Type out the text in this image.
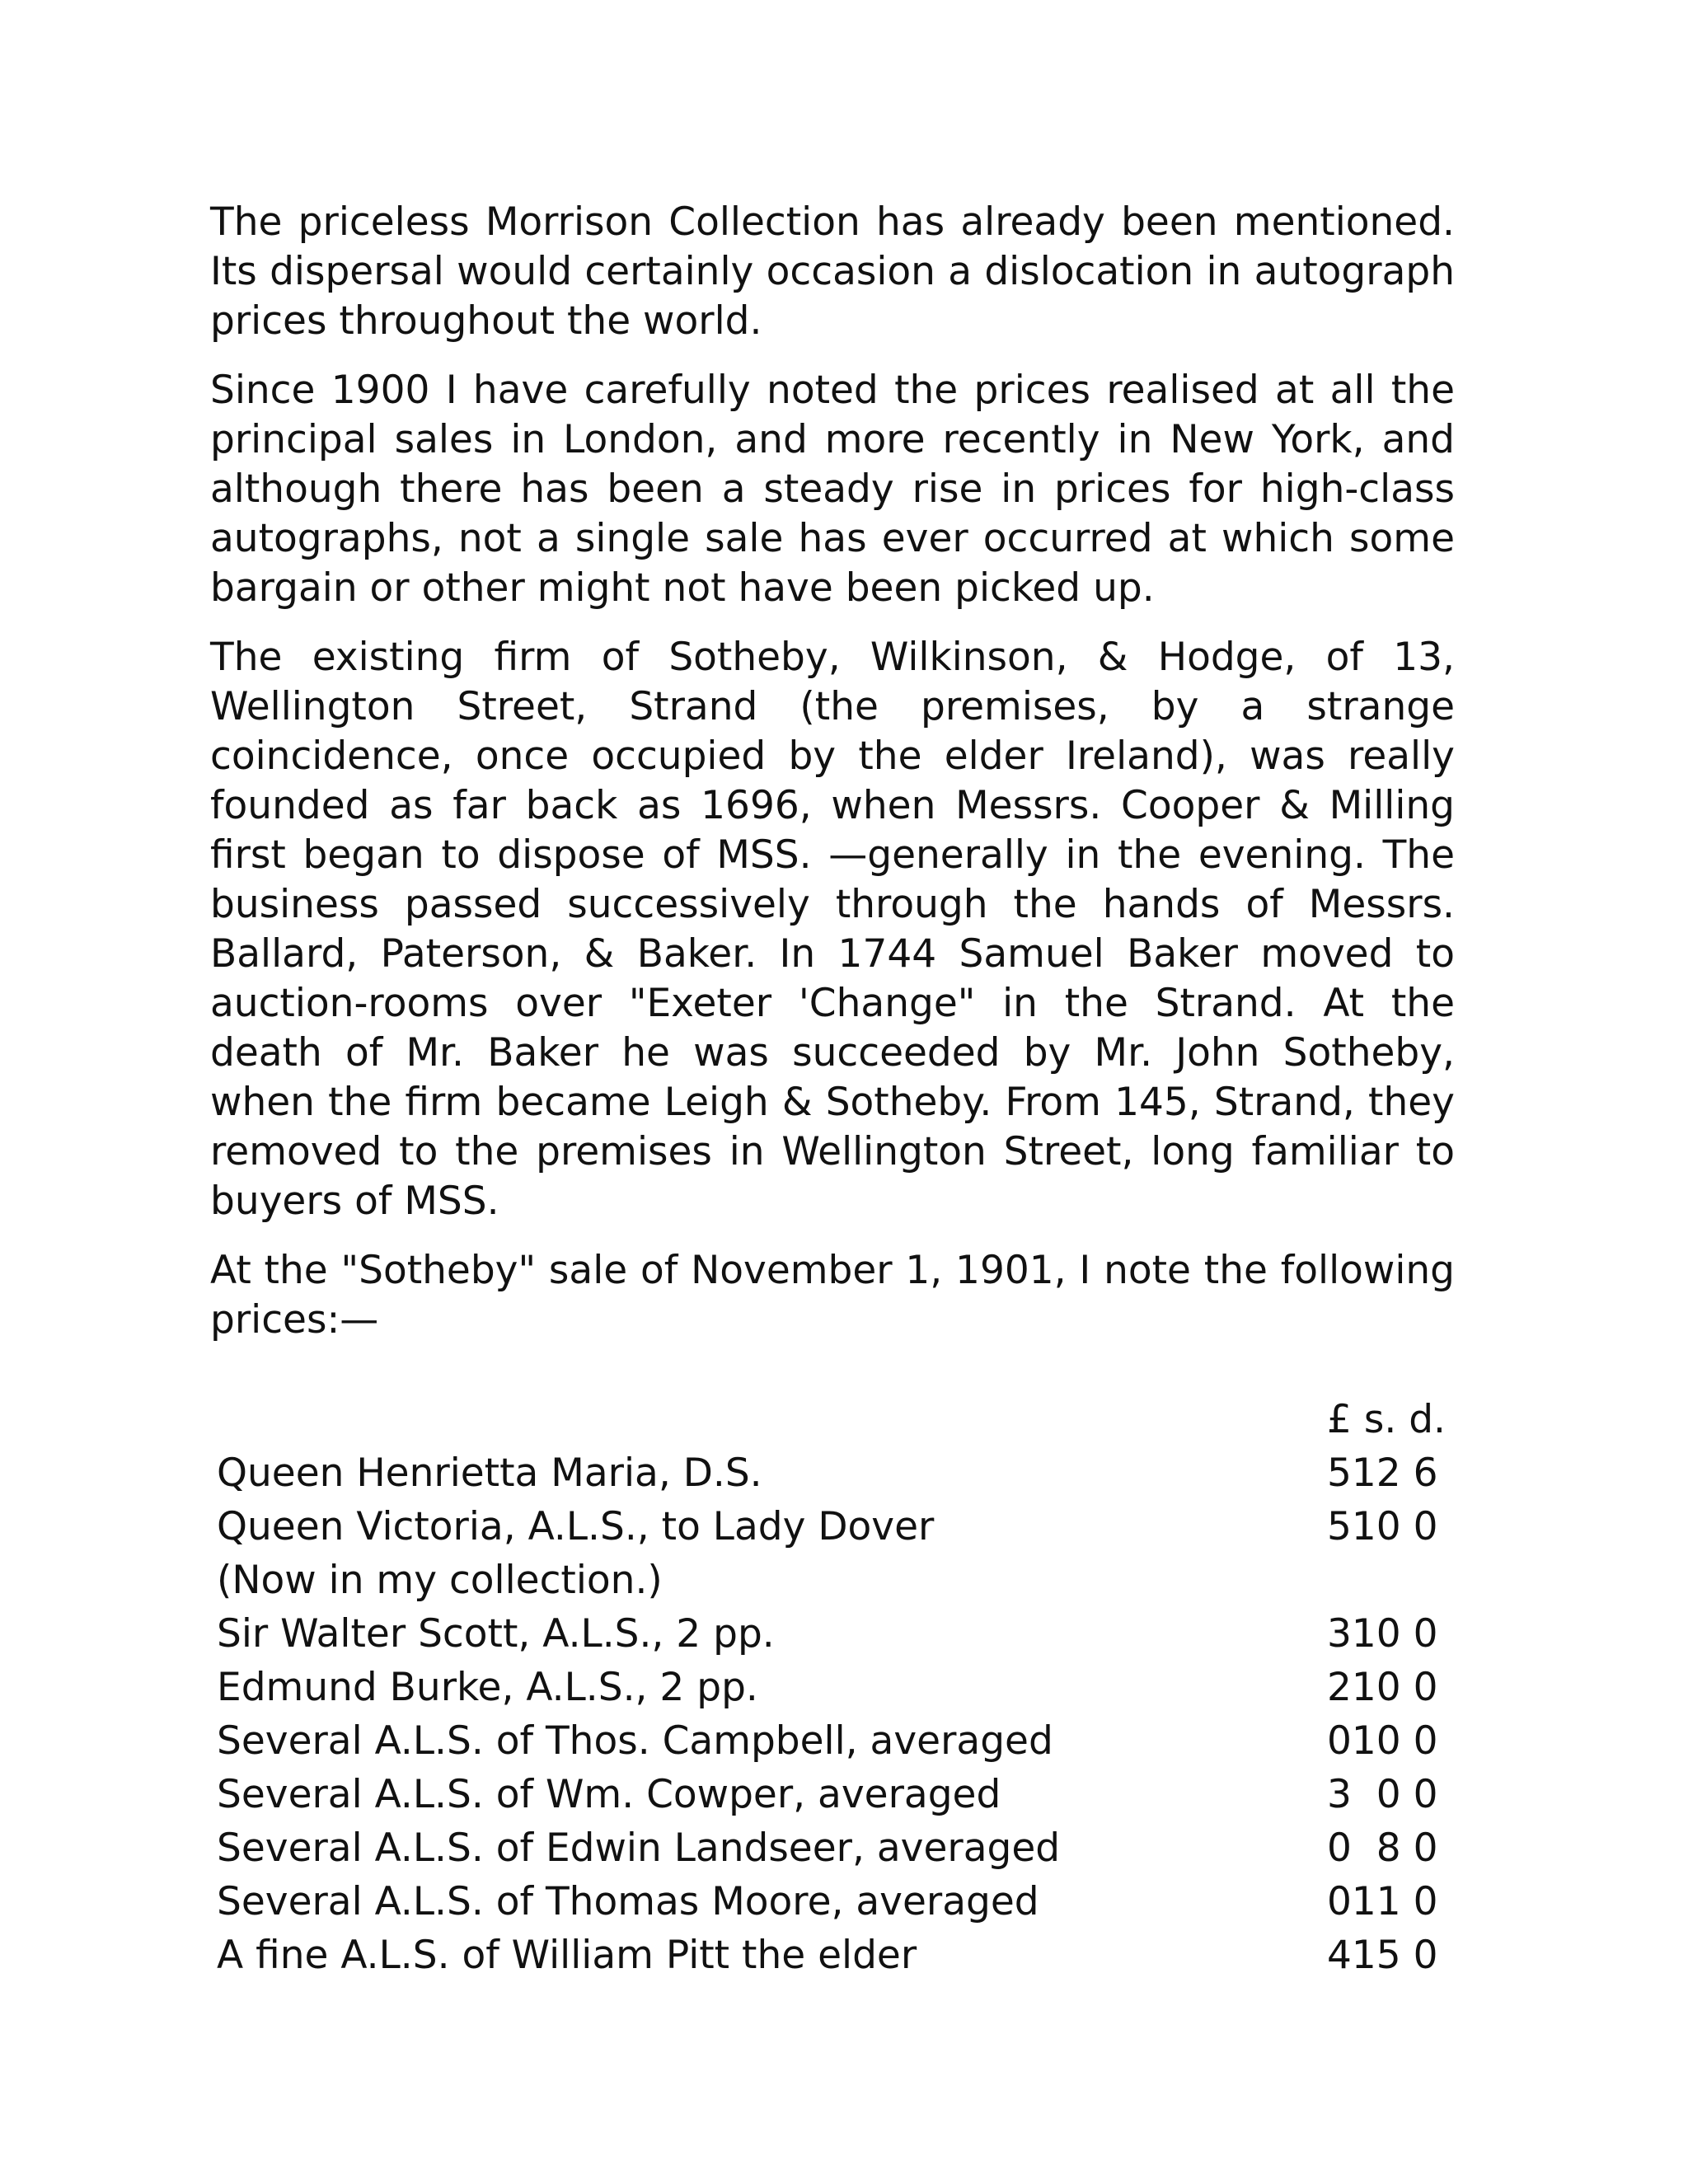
The priceless Morrison Collection has already been mentioned. Its dispersal would certainly occasion a dislocation in autograph prices throughout the world.

Since 1900 I have carefully noted the prices realised at all the principal sales in London, and more recently in New York, and although there has been a steady rise in prices for high-class autographs, not a single sale has ever occurred at which some bargain or other might not have been picked up.

The existing firm of Sotheby, Wilkinson, & Hodge, of 13, Wellington Street, Strand (the premises, by a strange coincidence, once occupied by the elder Ireland), was really founded as far back as 1696, when Messrs. Cooper & Milling first began to dispose of MSS. —generally in the evening. The business passed successively through the hands of Messrs. Ballard, Paterson, & Baker. In 1744 Samuel Baker moved to auction-rooms over "Exeter 'Change" in the Strand. At the death of Mr. Baker he was succeeded by Mr. John Sotheby, when the firm became Leigh & Sotheby. From 145, Strand, they removed to the premises in Wellington Street, long familiar to buyers of MSS.

At the "Sotheby" sale of November 1, 1901, I note the following prices:—

£ s. d.
Queen Henrietta Maria, D.S.	512 6
Queen Victoria, A.L.S., to Lady Dover	510 0
(Now in my collection.)
Sir Walter Scott, A.L.S., 2 pp.	310 0
Edmund Burke, A.L.S., 2 pp.	210 0
Several A.L.S. of Thos. Campbell, averaged	010 0
Several A.L.S. of Wm. Cowper, averaged	3  0 0
Several A.L.S. of Edwin Landseer, averaged	0  8 0
Several A.L.S. of Thomas Moore, averaged	011 0
A fine A.L.S. of William Pitt the elder	415 0
